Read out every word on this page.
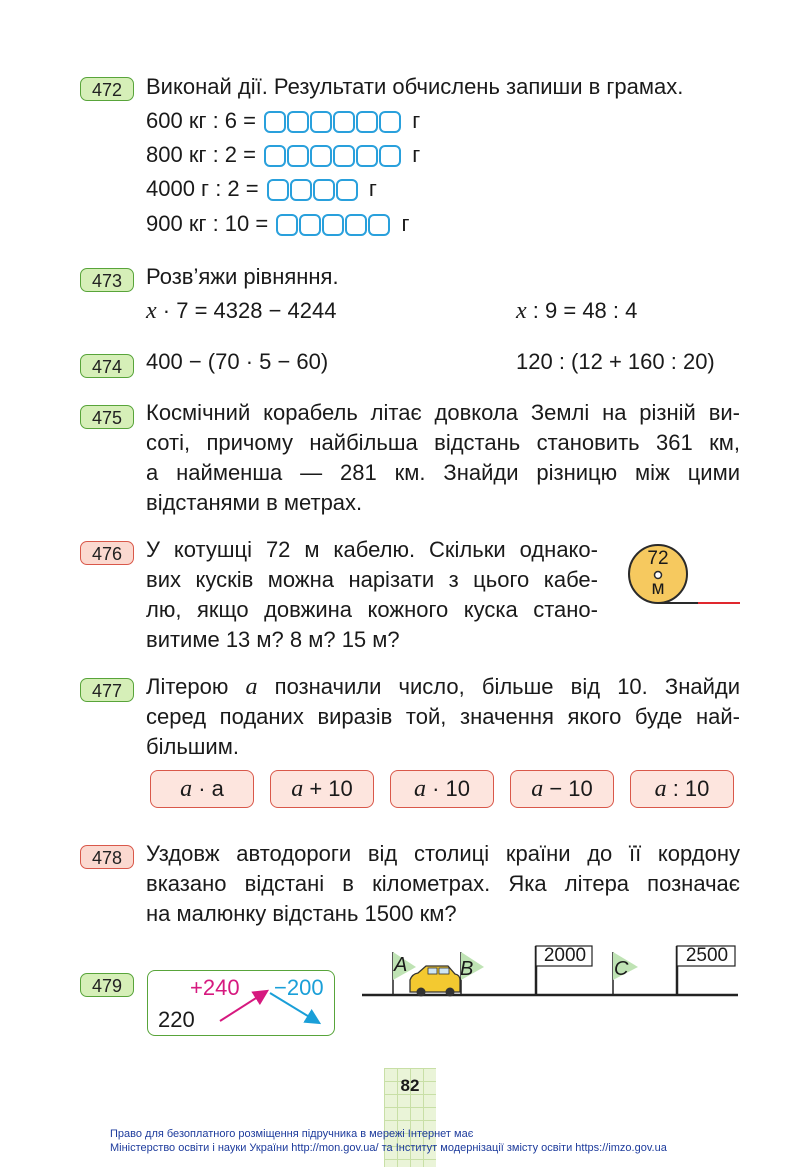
472	Виконай дії. Результати обчислень запиши в грамах.
600 кг : 6 =	г
800 кг : 2 =	г
4000 г : 2 =	г
900 кг : 10 =	г
473	Розв’яжи рівняння.
x · 7 = 4328 − 4244	x : 9 = 48 : 4
474	400 − (70 · 5 − 60)	120 : (12 + 160 : 20)
475	Космічний корабель літає довкола Землі на різній ви-
соті, причому найбільша відстань становить 361 км,
а найменша — 281 км. Знайди різницю між цими
відстанями в метрах.
476	У котушці 72 м кабелю. Скільки однако-
вих кусків можна нарізати з цього кабе-
лю, якщо довжина кожного куска стано-
витиме 13 м? 8 м? 15 м?
72
м
477	Літерою a позначили число, більше від 10. Знайди
серед поданих виразів той, значення якого буде най-
більшим.
a · a	a + 10	a · 10	a − 10	a : 10
478	Уздовж автодороги від столиці країни до її кордону
вказано відстані в кілометрах. Яка літера позначає
на малюнку відстань 1500 км?
A	B	C
2000	2500
479	+240 −200
220
82
Право для безоплатного розміщення підручника в мережі Інтернет має
Міністерство освіти і науки України http://mon.gov.ua/ та Інститут модернізації змісту освіти https://imzo.gov.ua
